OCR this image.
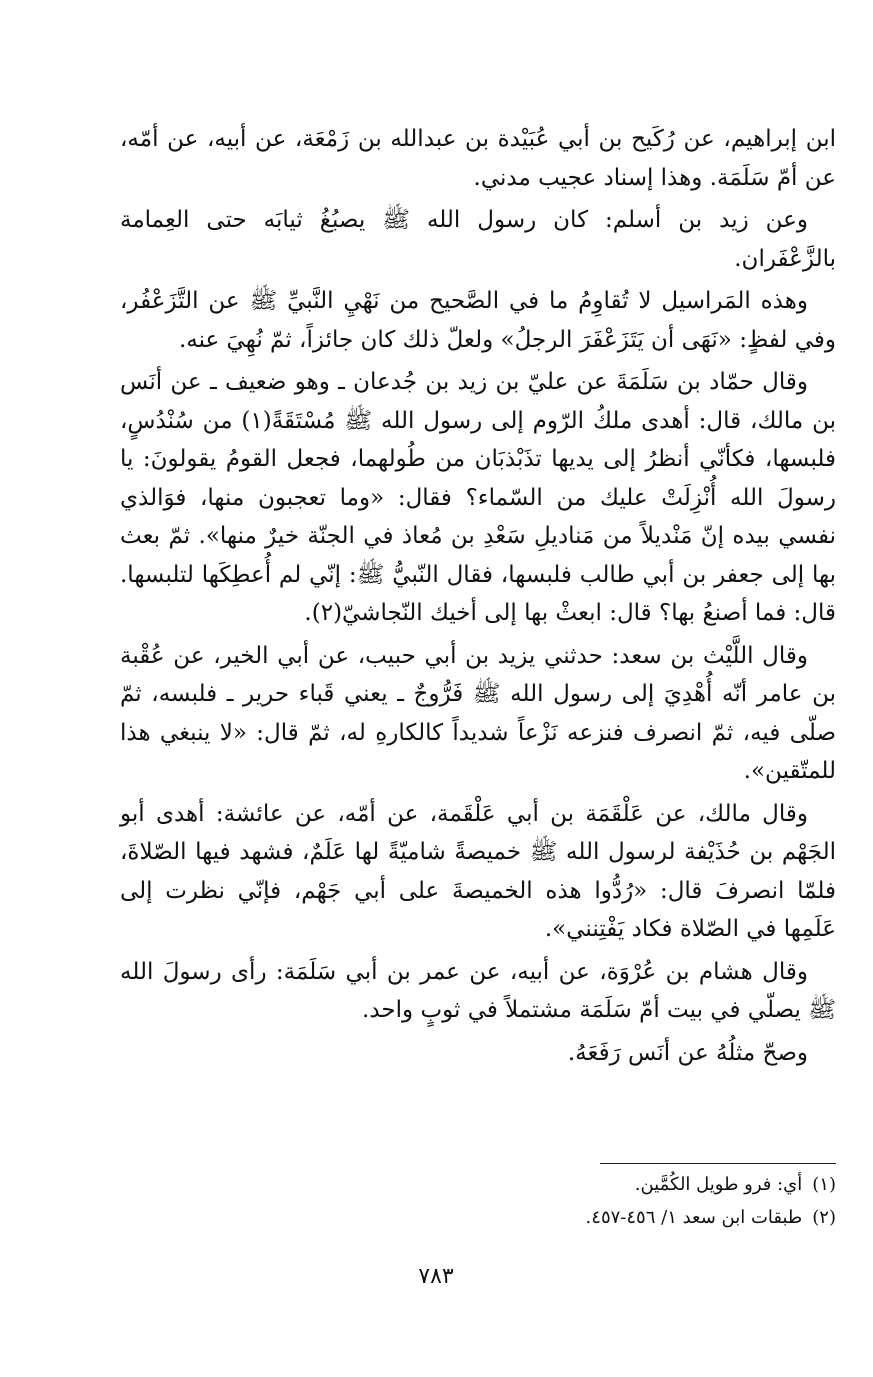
ابن إبراهيم، عن رُكَيح بن أبي عُبَيْدة بن عبدالله بن زَمْعَة، عن أبيه، عن أمّه، عن أمّ سَلَمَة. وهذا إسناد عجيب مدني.

وعن زيد بن أسلم: كان رسول الله ﷺ يصبُغُ ثيابَه حتى العِمامة بالزَّعْفَران.

وهذه المَراسيل لا تُقاوِمُ ما في الصَّحيح من نَهْيِ النَّبيِّ ﷺ عن التَّزَعْفُر، وفي لفظٍ: «نَهَى أن يَتَزَعْفَرَ الرجلُ» ولعلّ ذلك كان جائزاً، ثمّ نُهِيَ عنه.

وقال حمّاد بن سَلَمَةَ عن عليّ بن زيد بن جُدعان ـ وهو ضعيف ـ عن أنَس بن مالك، قال: أهدى ملكُ الرّوم إلى رسول الله ﷺ مُسْتَقَةً(١) من سُنْدُسٍ، فلبسها، فكأنّي أنظرُ إلى يديها تذَبْذبَان من طُولهما، فجعل القومُ يقولونَ: يا رسولَ الله أُنْزِلَتْ عليك من السّماء؟ فقال: «وما تعجبون منها، فوَالذي نفسي بيده إنّ مَنْديلاً من مَناديلِ سَعْدِ بن مُعاذ في الجنّة خيرٌ منها». ثمّ بعث بها إلى جعفر بن أبي طالب فلبسها، فقال النّبيُّ ﷺ: إنّي لم أُعطِكَها لتلبسها. قال: فما أصنعُ بها؟ قال: ابعثْ بها إلى أخيك النّجاشيّ(٢).

وقال اللَّيْث بن سعد: حدثني يزيد بن أبي حبيب، عن أبي الخير، عن عُقْبة بن عامر أنّه أُهْدِيَ إلى رسول الله ﷺ فَرُّوجٌ ـ يعني قَباء حرير ـ فلبسه، ثمّ صلّى فيه، ثمّ انصرف فنزعه نَزْعاً شديداً كالكارهِ له، ثمّ قال: «لا ينبغي هذا للمتّقين».

وقال مالك، عن عَلْقَمَة بن أبي عَلْقَمة، عن أمّه، عن عائشة: أهدى أبو الجَهْم بن حُذَيْفة لرسول الله ﷺ خميصةً شاميّةً لها عَلَمٌ، فشهد فيها الصّلاةَ، فلمّا انصرفَ قال: «رُدُّوا هذه الخميصةَ على أبي جَهْم، فإنّي نظرت إلى عَلَمِها في الصّلاة فكاد يَفْتِنني».

وقال هشام بن عُرْوَة، عن أبيه، عن عمر بن أبي سَلَمَة: رأى رسولَ الله ﷺ يصلّي في بيت أمّ سَلَمَة مشتملاً في ثوبٍ واحد.

وصحّ مثلُهُ عن أنَس رَفَعَهُ.

(١)أي: فرو طويل الكُمَّين.

(٢)طبقات ابن سعد ١/ ٤٥٦-٤٥٧.

٧٨٣
